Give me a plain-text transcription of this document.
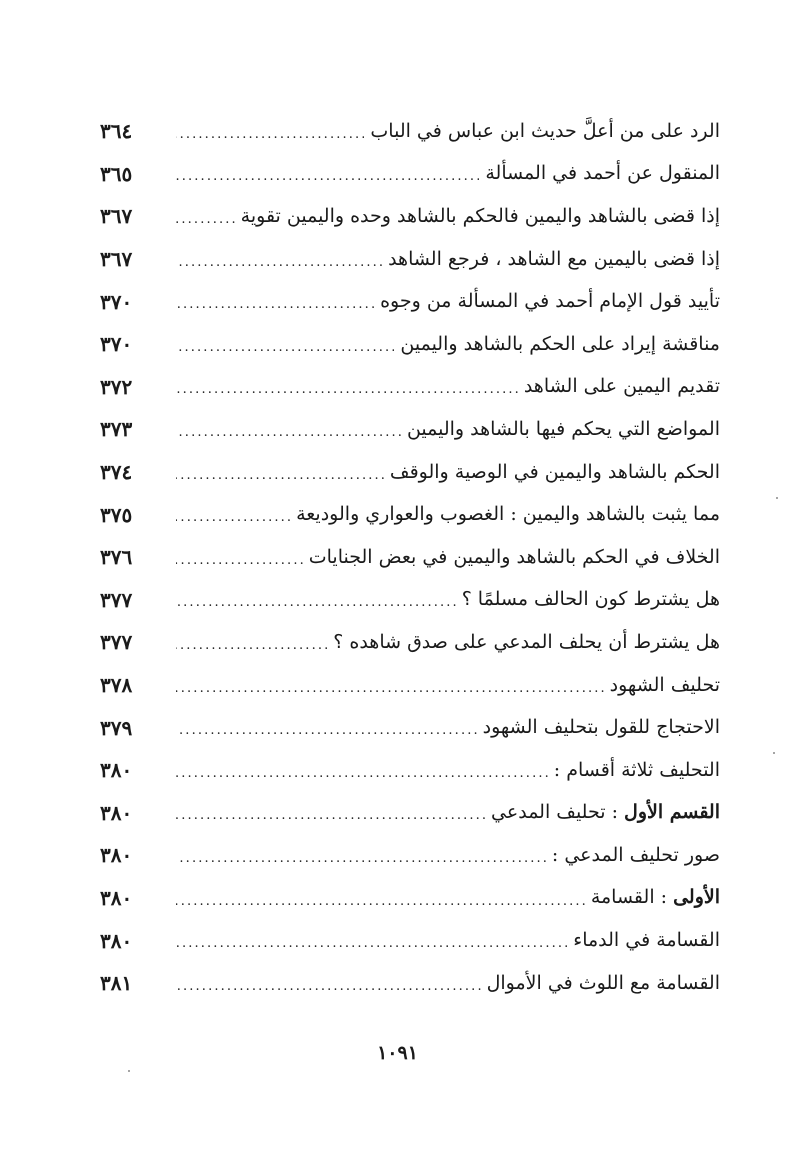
الرد على من أعلَّ حديث ابن عباس في الباب
. . .
٣٦٤
المنقول عن أحمد في المسألة
. . .
٣٦٥
إذا قضى بالشاهد واليمين فالحكم بالشاهد وحده واليمين تقوية
. . .
٣٦٧
إذا قضى باليمين مع الشاهد ، فرجع الشاهد
. . .
٣٦٧
تأييد قول الإمام أحمد في المسألة من وجوه
. . .
٣٧٠
مناقشة إيراد على الحكم بالشاهد واليمين
. . .
٣٧٠
تقديم اليمين على الشاهد
. . .
٣٧٢
المواضع التي يحكم فيها بالشاهد واليمين
. . .
٣٧٣
الحكم بالشاهد واليمين في الوصية والوقف
. . .
٣٧٤
مما يثبت بالشاهد واليمين : الغصوب والعواري والوديعة
. . .
٣٧٥
الخلاف في الحكم بالشاهد واليمين في بعض الجنايات
. . .
٣٧٦
هل يشترط كون الحالف مسلمًا ؟
. . .
٣٧٧
هل يشترط أن يحلف المدعي على صدق شاهده ؟
. . .
٣٧٧
تحليف الشهود
. . .
٣٧٨
الاحتجاج للقول بتحليف الشهود
. . .
٣٧٩
التحليف ثلاثة أقسام :
. . .
٣٨٠
القسم الأول : تحليف المدعي
. . .
٣٨٠
صور تحليف المدعي :
. . .
٣٨٠
الأولى : القسامة
. . .
٣٨٠
القسامة في الدماء
. . .
٣٨٠
القسامة مع اللوث في الأموال
. . .
٣٨١
١٠٩١
